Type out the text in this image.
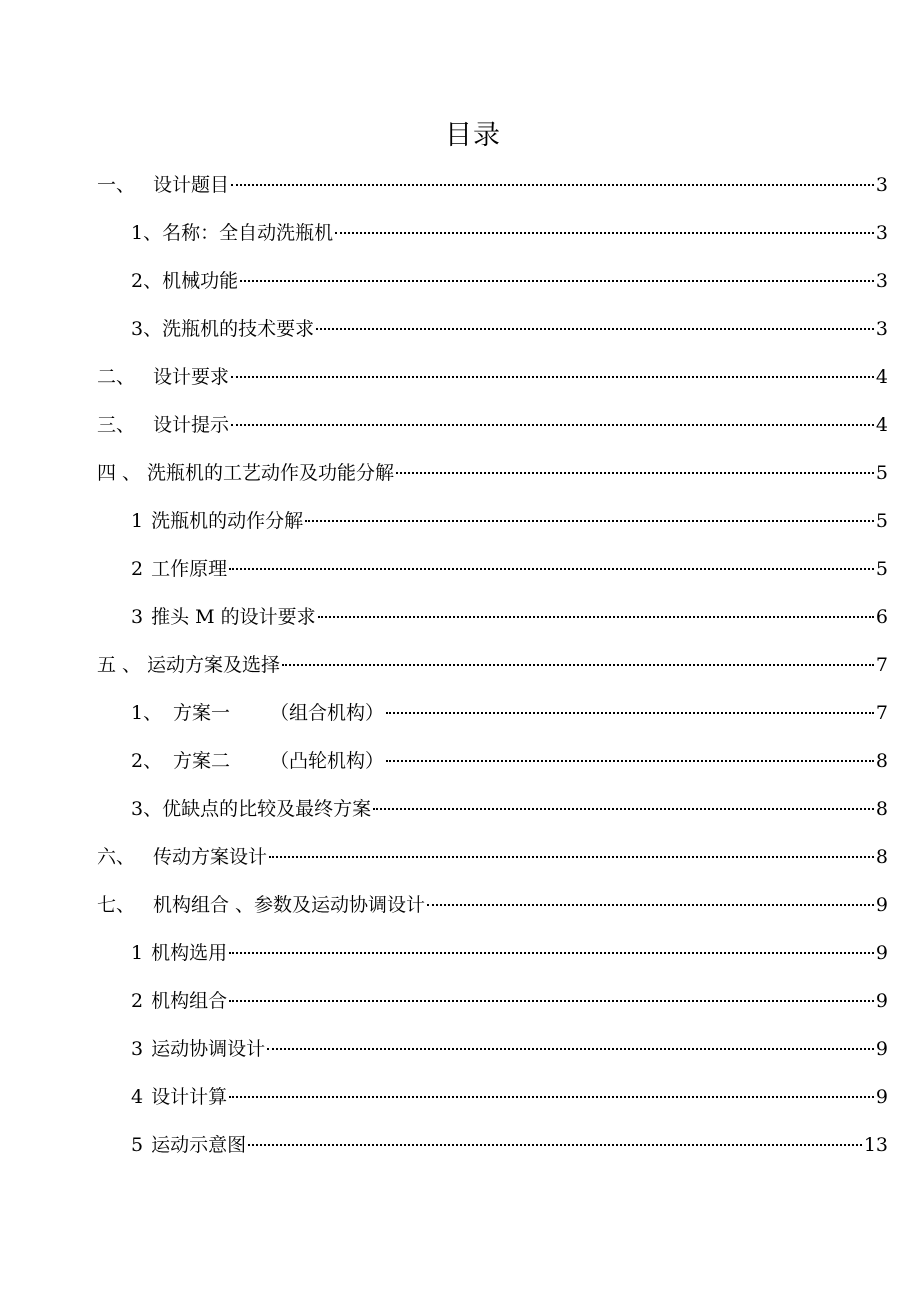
目录
一、 设计题目	3
1、 名称：全自动洗瓶机	3
2、 机械功能	3
3、 洗瓶机的技术要求	3
二、 设计要求	4
三、 设计提示	4
四 、 洗瓶机的工艺动作及功能分解	5
1 洗瓶机的动作分解	5
2 工作原理	5
3 推头 M 的设计要求	6
五 、 运动方案及选择	7
1、 方案一 （组合机构）	7
2、 方案二 （凸轮机构）	8
3、 优缺点的比较及最终方案	8
六、 传动方案设计	8
七、 机构组合 、参数及运动协调设计	9
1 机构选用	9
2 机构组合	9
3 运动协调设计	9
4 设计计算	9
5 运动示意图	13
